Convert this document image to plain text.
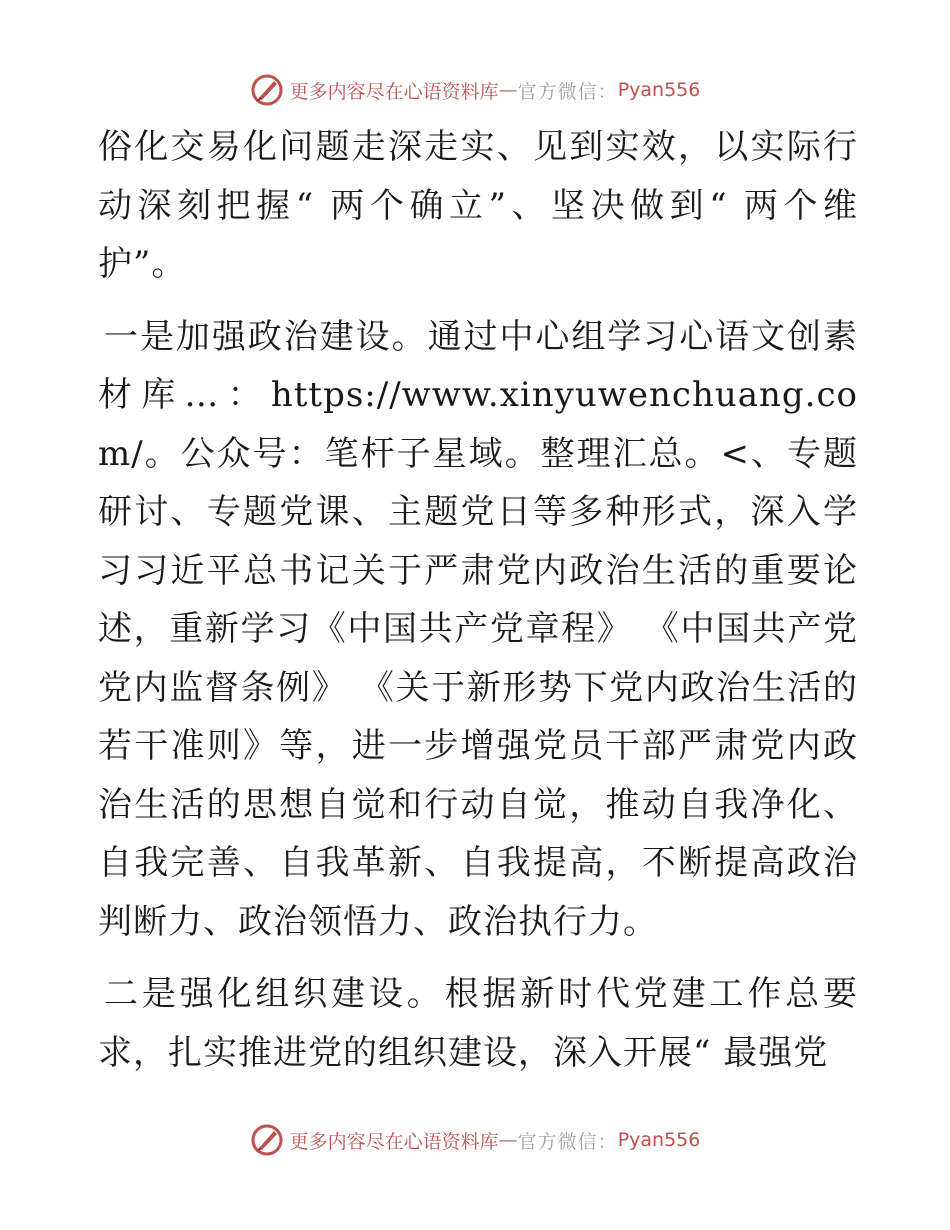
更多内容尽在心语资料库 — 官方微信： Pyan556

俗化交易化问题走深走实、见到实效，以实际行动深刻把握“ 两个确立”、坚决做到“ 两个维护”。

一是加强政治建设。通过中心组学习心语文创素材库…：https://www.xinyuwenchuang.com/。公众号：笔杆子星域。整理汇总。<、专题研讨、专题党课、主题党日等多种形式，深入学习习近平总书记关于严肃党内政治生活的重要论述，重新学习《中国共产党章程》 《中国共产党党内监督条例》 《关于新形势下党内政治生活的若干准则》等，进一步增强党员干部严肃党内政治生活的思想自觉和行动自觉，推动自我净化、自我完善、自我革新、自我提高，不断提高政治判断力、政治领悟力、政治执行力。

二是强化组织建设。根据新时代党建工作总要求，扎实推进党的组织建设，深入开展“ 最强党

更多内容尽在心语资料库 — 官方微信： Pyan556
